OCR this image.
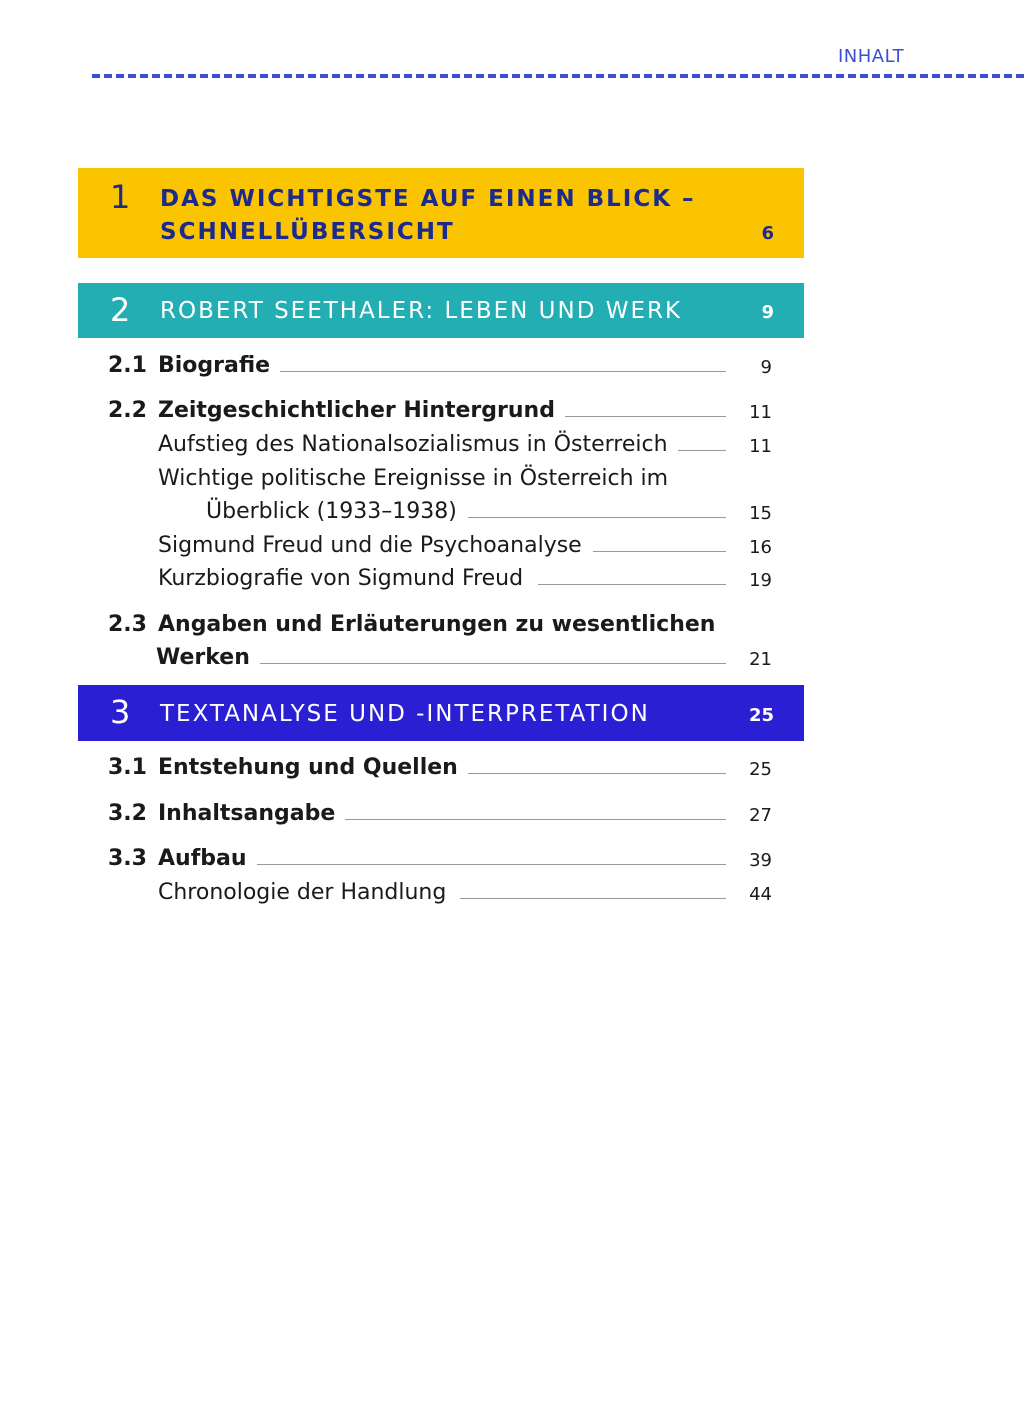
INHALT
1 DAS WICHTIGSTE AUF EINEN BLICK –
SCHNELLÜBERSICHT	6
2 ROBERT SEETHALER: LEBEN UND WERK	9
2.1 Biografie	9
2.2 Zeitgeschichtlicher Hintergrund	11
Aufstieg des Nationalsozialismus in Österreich	11
Wichtige politische Ereignisse in Österreich im
Überblick (1933–1938)	15
Sigmund Freud und die Psychoanalyse	16
Kurzbiografie von Sigmund Freud	19
2.3 Angaben und Erläuterungen zu wesentlichen
Werken	21
3 TEXTANALYSE UND -INTERPRETATION	25
3.1 Entstehung und Quellen	25
3.2 Inhaltsangabe	27
3.3 Aufbau	39
Chronologie der Handlung	44
